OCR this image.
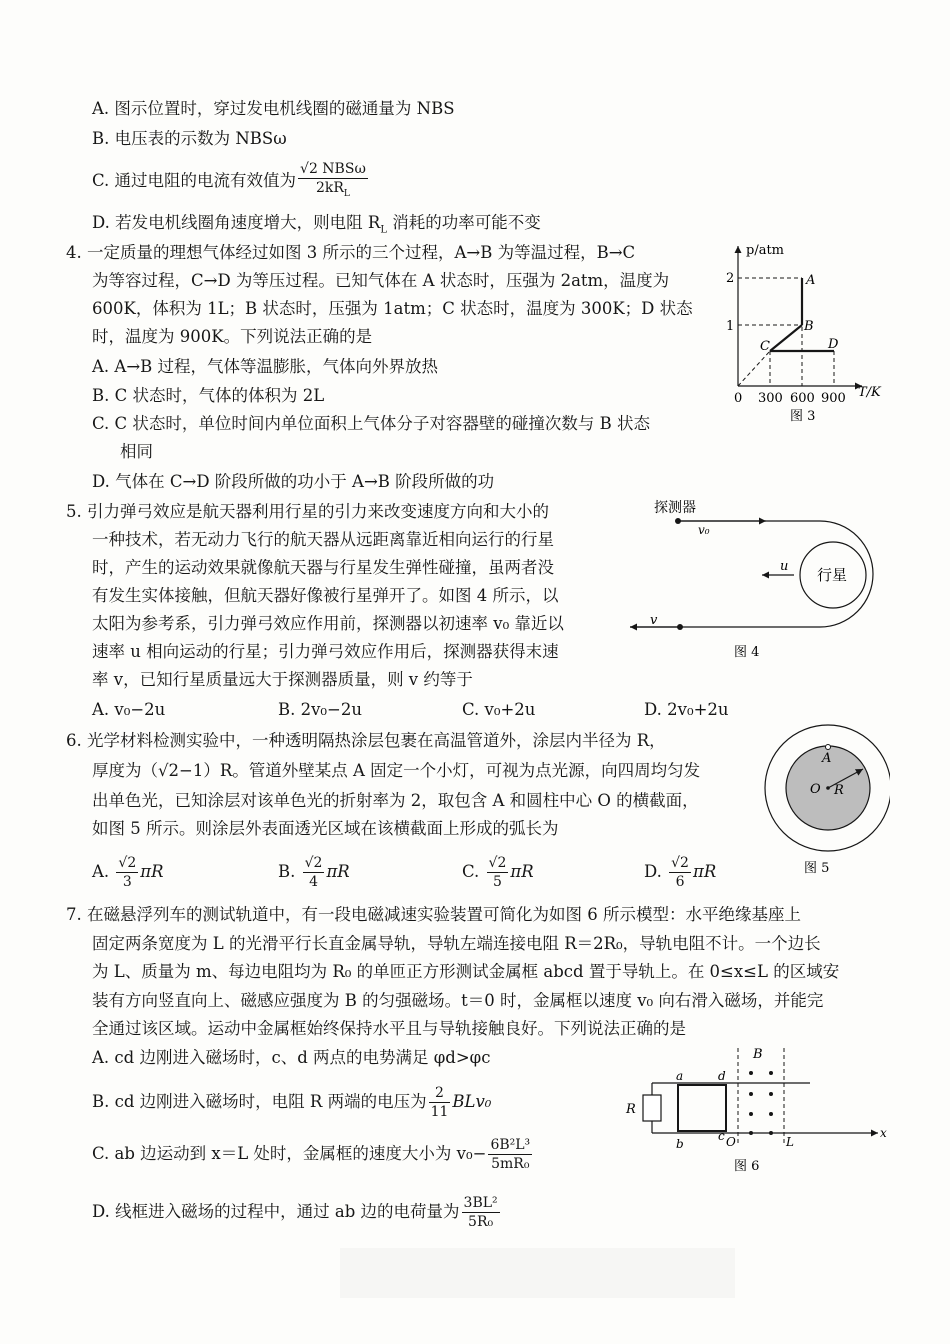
A. 图示位置时，穿过发电机线圈的磁通量为 NBS
B. 电压表的示数为 NBSω
C. 通过电阻的电流有效值为 $\frac{\text{√2 NBSω}}{2kR_L}$
D. 若发电机线圈角速度增大，则电阻 $R_L$ 消耗的功率可能不变
4. 一定质量的理想气体经过如图 3 所示的三个过程，A→B 为等温过程，B→C
为等容过程，C→D 为等压过程。已知气体在 A 状态时，压强为 2atm，温度为
600K，体积为 1L；B 状态时，压强为 1atm；C 状态时，温度为 300K；D 状态
时，温度为 900K。下列说法正确的是
A. A→B 过程，气体等温膨胀，气体向外界放热
B. C 状态时，气体的体积为 2L
C. C 状态时，单位时间内单位面积上气体分子对容器壁的碰撞次数与 B 状态
相同
D. 气体在 C→D 阶段所做的功小于 A→B 阶段所做的功
p/atm
T/K
2
1
0 300 600 900
A
B
C	D
图 3
5. 引力弹弓效应是航天器利用行星的引力来改变速度方向和大小的
一种技术，若无动力飞行的航天器从远距离靠近相向运行的行星
时，产生的运动效果就像航天器与行星发生弹性碰撞，虽两者没
有发生实体接触，但航天器好像被行星弹开了。如图 4 所示，以
太阳为参考系，引力弹弓效应作用前，探测器以初速率 v₀ 靠近以
速率 u 相向运动的行星；引力弹弓效应作用后，探测器获得末速
率 v，已知行星质量远大于探测器质量，则 v 约等于
A. v₀−2u	B. 2v₀−2u	C. v₀+2u	D. 2v₀+2u
探测器
v₀
v
行星
u
图 4
6. 光学材料检测实验中，一种透明隔热涂层包裹在高温管道外，涂层内半径为 R，
厚度为（√2−1）R。管道外壁某点 A 固定一个小灯，可视为点光源，向四周均匀发
出单色光，已知涂层对该单色光的折射率为 2，取包含 A 和圆柱中心 O 的横截面，
如图 5 所示。则涂层外表面透光区域在该横截面上形成的弧长为
A. $\frac{√2}{3}$ πR	B. $\frac{√2}{4}$ πR	C. $\frac{√2}{5}$ πR	D. $\frac{√2}{6}$ πR
A
O R
图 5
7. 在磁悬浮列车的测试轨道中，有一段电磁减速实验装置可简化为如图 6 所示模型：水平绝缘基座上
固定两条宽度为 L 的光滑平行长直金属导轨，导轨左端连接电阻 R＝2R₀，导轨电阻不计。一个边长
为 L、质量为 m、每边电阻均为 R₀ 的单匝正方形测试金属框 abcd 置于导轨上。在 0≤x≤L 的区域安
装有方向竖直向上、磁感应强度为 B 的匀强磁场。t＝0 时，金属框以速度 v₀ 向右滑入磁场，并能完
全通过该区域。运动中金属框始终保持水平且与导轨接触良好。下列说法正确的是
A. cd 边刚进入磁场时，c、d 两点的电势满足 φd>φc
B. cd 边刚进入磁场时，电阻 R 两端的电压为 $\frac{2}{11} BLv_0$
C. ab 边运动到 x＝L 处时，金属框的速度大小为 $v_0- \frac{\text{6B²L³}}{\text{5mR₀}}$
D. 线框进入磁场的过程中，通过 ab 边的电荷量为 $\frac{\text{3BL²}}{\text{5R₀}}$
R
a	d
b
c
B
O	L
x
图 6
